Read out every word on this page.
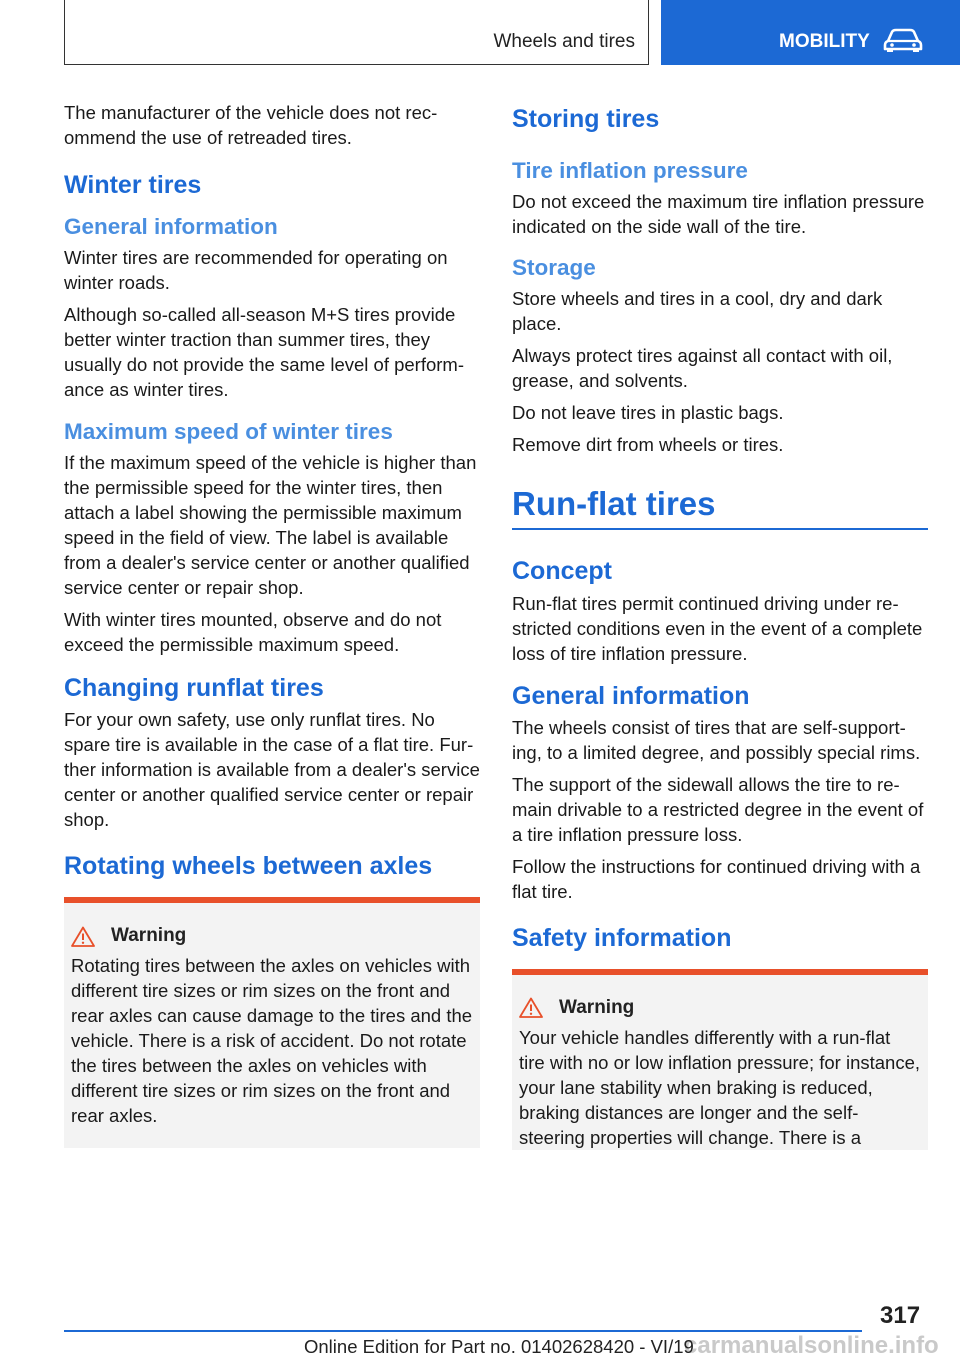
Wheels and tires	MOBILITY

The manufacturer of the vehicle does not recommend the use of retreaded tires.

Winter tires
General information

Winter tires are recommended for operating on winter roads.

Although so-called all-season M+S tires provide better winter traction than summer tires, they usually do not provide the same level of performance as winter tires.

Maximum speed of winter tires

If the maximum speed of the vehicle is higher than the permissible speed for the winter tires, then attach a label showing the permissible maximum speed in the field of view. The label is available from a dealer's service center or another qualified service center or repair shop.

With winter tires mounted, observe and do not exceed the permissible maximum speed.

Changing runflat tires

For your own safety, use only runflat tires. No spare tire is available in the case of a flat tire. Further information is available from a dealer's service center or another qualified service center or repair shop.

Rotating wheels between axles
Warning

Rotating tires between the axles on vehicles with different tire sizes or rim sizes on the front and rear axles can cause damage to the tires and the vehicle. There is a risk of accident. Do not rotate the tires between the axles on vehicles with different tire sizes or rim sizes on the front and rear axles.

Storing tires
Tire inflation pressure

Do not exceed the maximum tire inflation pressure indicated on the side wall of the tire.

Storage

Store wheels and tires in a cool, dry and dark place.

Always protect tires against all contact with oil, grease, and solvents.

Do not leave tires in plastic bags.

Remove dirt from wheels or tires.

Run-flat tires
Concept

Run-flat tires permit continued driving under restricted conditions even in the event of a complete loss of tire inflation pressure.

General information

The wheels consist of tires that are self-supporting, to a limited degree, and possibly special rims.

The support of the sidewall allows the tire to remain drivable to a restricted degree in the event of a tire inflation pressure loss.

Follow the instructions for continued driving with a flat tire.

Safety information
Warning

Your vehicle handles differently with a run-flat tire with no or low inflation pressure; for instance, your lane stability when braking is reduced, braking distances are longer and the self-steering properties will change. There is a

317
carmanualsonline.info
Online Edition for Part no. 01402628420 - VI/19
